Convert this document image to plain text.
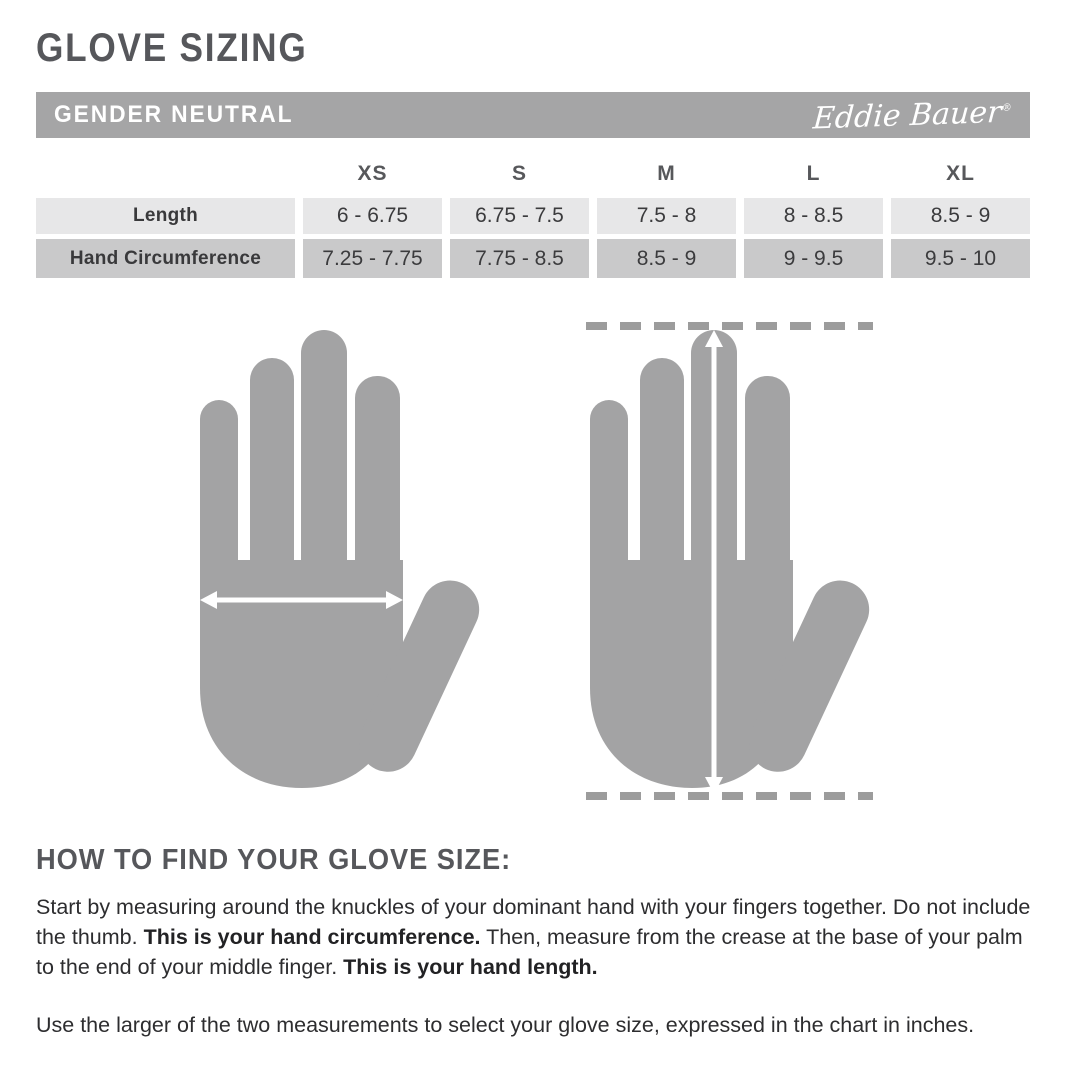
GLOVE SIZING
GENDER NEUTRAL	Eddie Bauer®
XS	S	M	L	XL
Length	6 - 6.75	6.75 - 7.5	7.5 - 8	8 - 8.5	8.5 - 9
Hand Circumference	7.25 - 7.75	7.75 - 8.5	8.5 - 9	9 - 9.5	9.5 - 10
HOW TO FIND YOUR GLOVE SIZE:

Start by measuring around the knuckles of your dominant hand with your fingers together. Do not include the thumb. This is your hand circumference. Then, measure from the crease at the base of your palm to the end of your middle finger. This is your hand length.

Use the larger of the two measurements to select your glove size, expressed in the chart in inches.
